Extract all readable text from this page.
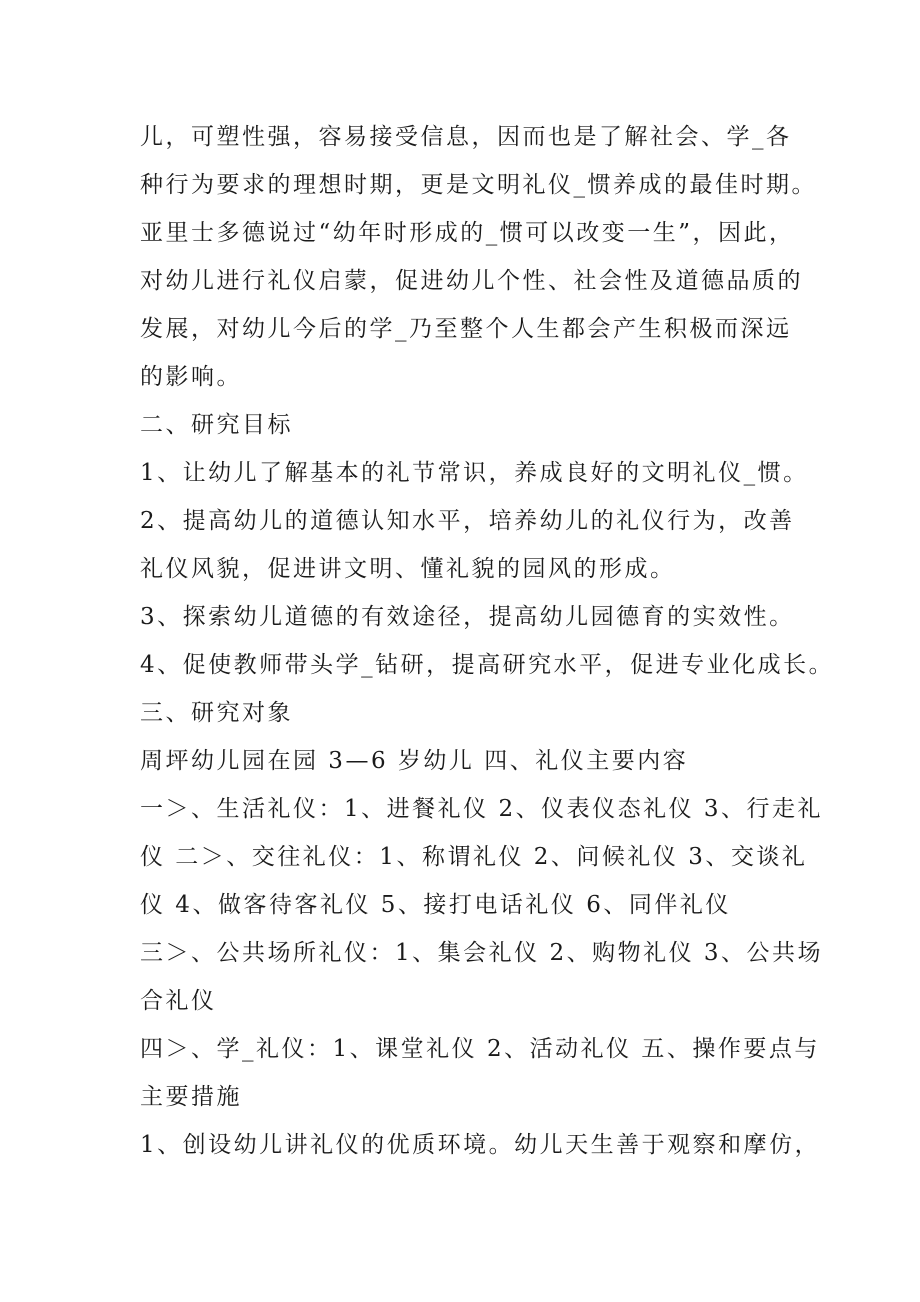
儿，可塑性强，容易接受信息，因而也是了解社会、学_各
种行为要求的理想时期，更是文明礼仪_惯养成的最佳时期。
亚里士多德说过“幼年时形成的_惯可以改变一生”，因此，
对幼儿进行礼仪启蒙，促进幼儿个性、社会性及道德品质的
发展，对幼儿今后的学_乃至整个人生都会产生积极而深远
的影响。
二、研究目标
1、让幼儿了解基本的礼节常识，养成良好的文明礼仪_惯。
2、提高幼儿的道德认知水平，培养幼儿的礼仪行为，改善
礼仪风貌，促进讲文明、懂礼貌的园风的形成。
3、探索幼儿道德的有效途径，提高幼儿园德育的实效性。
4、促使教师带头学_钻研，提高研究水平，促进专业化成长。
三、研究对象
周坪幼儿园在园 3—6 岁幼儿 四、礼仪主要内容
一＞、生活礼仪：1、进餐礼仪 2、仪表仪态礼仪 3、行走礼
仪 二＞、交往礼仪：1、称谓礼仪 2、问候礼仪 3、交谈礼
仪 4、做客待客礼仪 5、接打电话礼仪 6、同伴礼仪
三＞、公共场所礼仪：1、集会礼仪 2、购物礼仪 3、公共场
合礼仪
四＞、学_礼仪：1、课堂礼仪 2、活动礼仪 五、操作要点与
主要措施
1、创设幼儿讲礼仪的优质环境。幼儿天生善于观察和摩仿，
